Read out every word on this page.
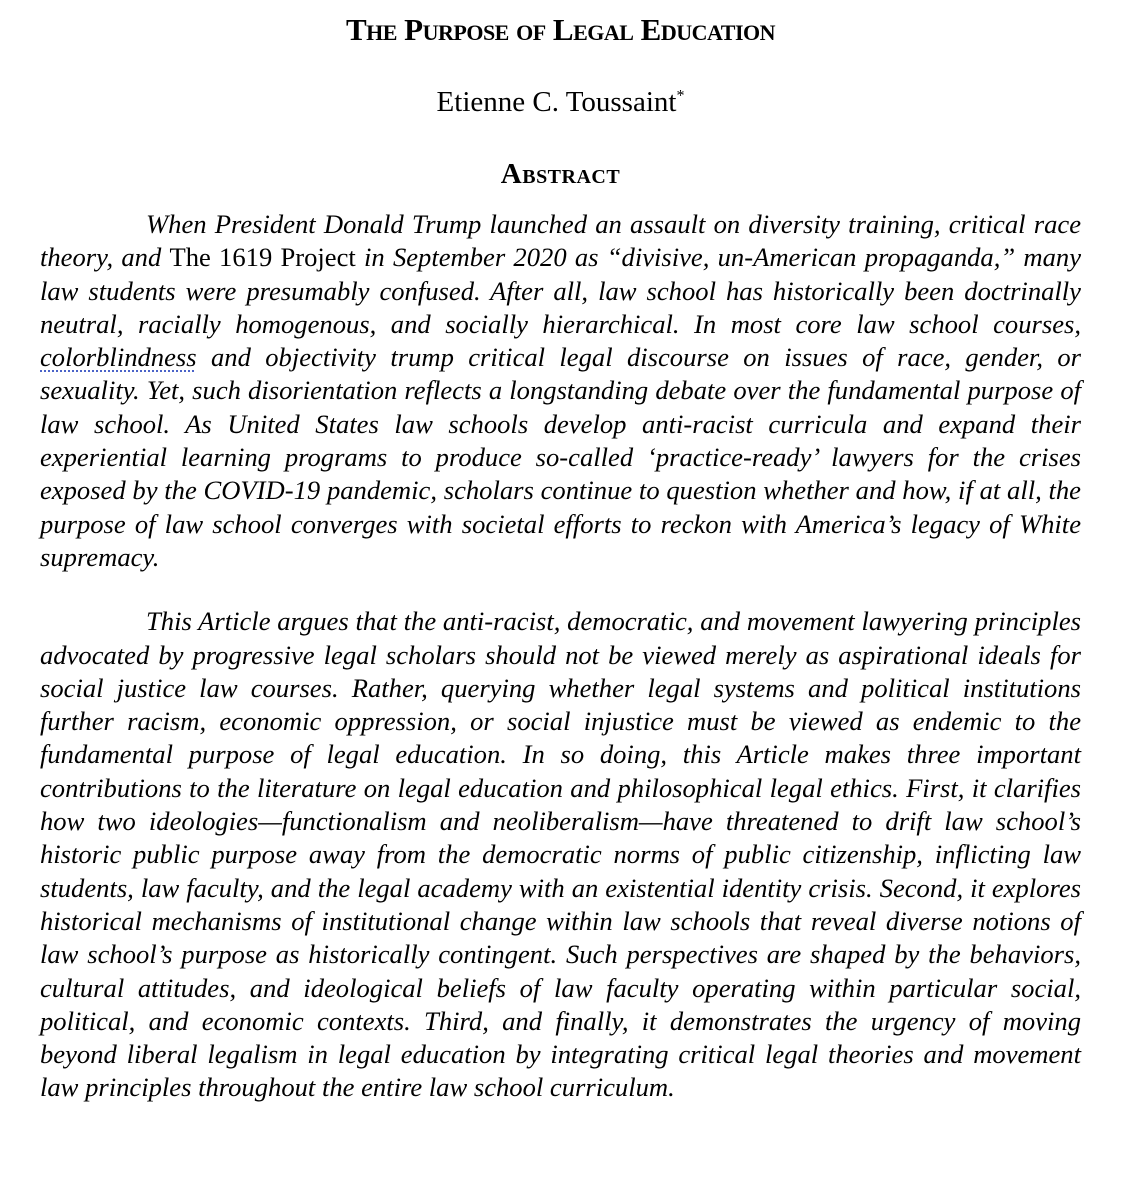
The Purpose of Legal Education

Etienne C. Toussaint*

Abstract

When President Donald Trump launched an assault on diversity training, critical race theory, and The 1619 Project in September 2020 as “divisive, un-American propaganda,” many law students were presumably confused. After all, law school has historically been doctrinally neutral, racially homogenous, and socially hierarchical. In most core law school courses, colorblindness and objectivity trump critical legal discourse on issues of race, gender, or sexuality. Yet, such disorientation reflects a longstanding debate over the fundamental purpose of law school. As United States law schools develop anti-racist curricula and expand their experiential learning programs to produce so-called ‘practice-ready’ lawyers for the crises exposed by the COVID-19 pandemic, scholars continue to question whether and how, if at all, the purpose of law school converges with societal efforts to reckon with America’s legacy of White supremacy.

This Article argues that the anti-racist, democratic, and movement lawyering principles advocated by progressive legal scholars should not be viewed merely as aspirational ideals for social justice law courses. Rather, querying whether legal systems and political institutions further racism, economic oppression, or social injustice must be viewed as endemic to the fundamental purpose of legal education. In so doing, this Article makes three important contributions to the literature on legal education and philosophical legal ethics. First, it clarifies how two ideologies—functionalism and neoliberalism—have threatened to drift law school’s historic public purpose away from the democratic norms of public citizenship, inflicting law students, law faculty, and the legal academy with an existential identity crisis. Second, it explores historical mechanisms of institutional change within law schools that reveal diverse notions of law school’s purpose as historically contingent. Such perspectives are shaped by the behaviors, cultural attitudes, and ideological beliefs of law faculty operating within particular social, political, and economic contexts. Third, and finally, it demonstrates the urgency of moving beyond liberal legalism in legal education by integrating critical legal theories and movement law principles throughout the entire law school curriculum.
